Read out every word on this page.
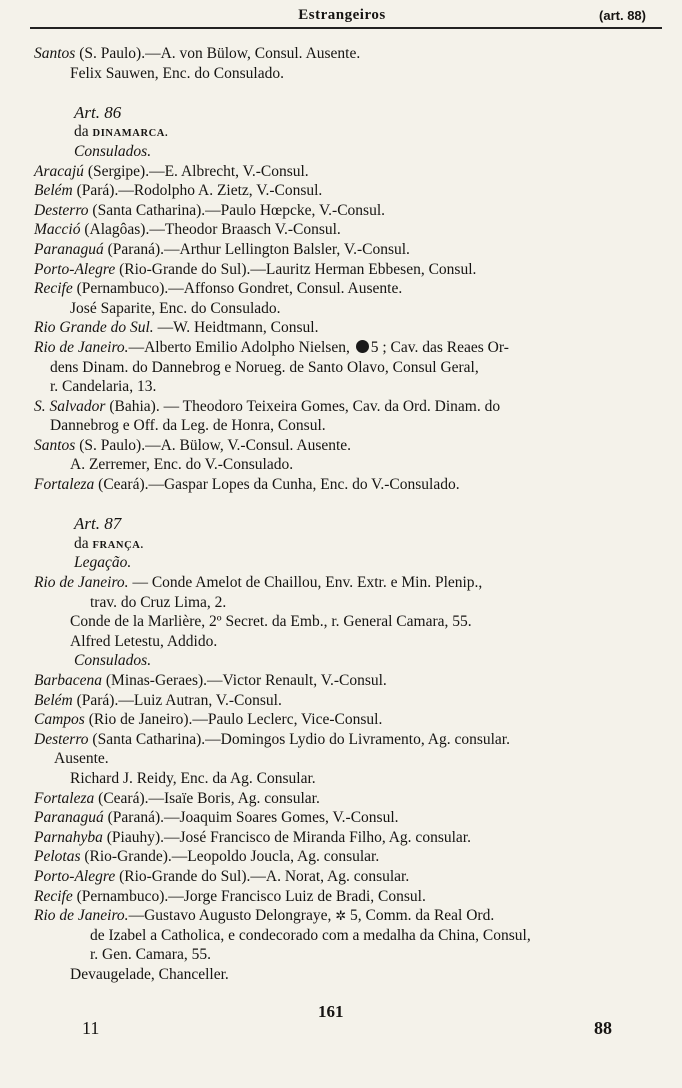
Estrangeiros	(art. 88)
Santos (S. Paulo).—A. von Bülow, Consul. Ausente.
Felix Sauwen, Enc. do Consulado.
Art. 86
da DINAMARCA.
Consulados.
Aracajú (Sergipe).—E. Albrecht, V.-Consul.
Belém (Pará).—Rodolpho A. Zietz, V.-Consul.
Desterro (Santa Catharina).—Paulo Hœpcke, V.-Consul.
Macció (Alagôas).—Theodor Braasch V.-Consul.
Paranaguá (Paraná).—Arthur Lellington Balsler, V.-Consul.
Porto-Alegre (Rio-Grande do Sul).—Lauritz Herman Ebbesen, Consul.
Recife (Pernambuco).—Affonso Gondret, Consul. Ausente.
José Saparite, Enc. do Consulado.
Rio Grande do Sul. —W. Heidtmann, Consul.
Rio de Janeiro.—Alberto Emilio Adolpho Nielsen, 5 ; Cav. das Reaes Or-
dens Dinam. do Dannebrog e Norueg. de Santo Olavo, Consul Geral,
r. Candelaria, 13.
S. Salvador (Bahia). — Theodoro Teixeira Gomes, Cav. da Ord. Dinam. do
Dannebrog e Off. da Leg. de Honra, Consul.
Santos (S. Paulo).—A. Bülow, V.-Consul. Ausente.
A. Zerremer, Enc. do V.-Consulado.
Fortaleza (Ceará).—Gaspar Lopes da Cunha, Enc. do V.-Consulado.
Art. 87
da FRANÇA.
Legação.
Rio de Janeiro. — Conde Amelot de Chaillou, Env. Extr. e Min. Plenip.,
trav. do Cruz Lima, 2.
Conde de la Marlière, 2º Secret. da Emb., r. General Camara, 55.
Alfred Letestu, Addido.
Consulados.
Barbacena (Minas-Geraes).—Victor Renault, V.-Consul.
Belém (Pará).—Luiz Autran, V.-Consul.
Campos (Rio de Janeiro).—Paulo Leclerc, Vice-Consul.
Desterro (Santa Catharina).—Domingos Lydio do Livramento, Ag. consular.
Ausente.
Richard J. Reidy, Enc. da Ag. Consular.
Fortaleza (Ceará).—Isaïe Boris, Ag. consular.
Paranaguá (Paraná).—Joaquim Soares Gomes, V.-Consul.
Parnahyba (Piauhy).—José Francisco de Miranda Filho, Ag. consular.
Pelotas (Rio-Grande).—Leopoldo Joucla, Ag. consular.
Porto-Alegre (Rio-Grande do Sul).—A. Norat, Ag. consular.
Recife (Pernambuco).—Jorge Francisco Luiz de Bradi, Consul.
Rio de Janeiro.—Gustavo Augusto Delongraye, ✲ 5, Comm. da Real Ord.
de Izabel a Catholica, e condecorado com a medalha da China, Consul,
r. Gen. Camara, 55.
Devaugelade, Chanceller.
11
161
88
